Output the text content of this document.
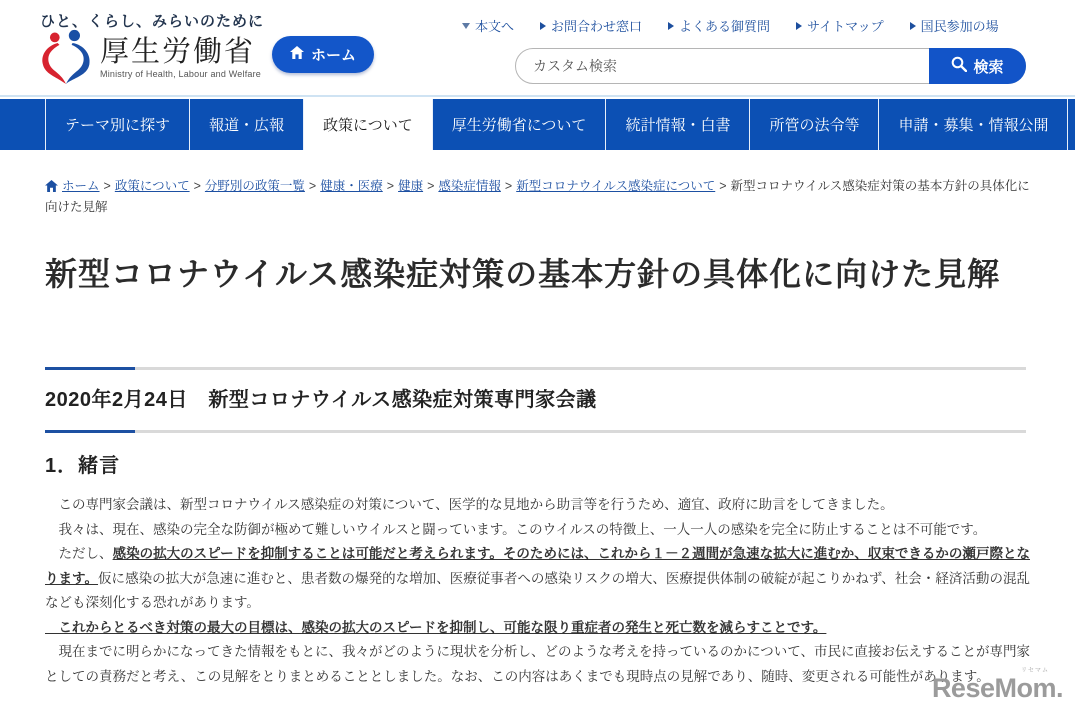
ひと、くらし、みらいのために
厚生労働省
Ministry of Health, Labour and Welfare
ホーム
本文へ	お問合わせ窓口	よくある御質問	サイトマップ	国民参加の場
カスタム検索
検索
テーマ別に探す	報道・広報	政策について	厚生労働省について	統計情報・白書	所管の法令等	申請・募集・情報公開
ホーム > 政策について > 分野別の政策一覧 > 健康・医療 > 健康 > 感染症情報 > 新型コロナウイルス感染症について > 新型コロナウイルス感染症対策の基本方針の具体化に向けた見解
新型コロナウイルス感染症対策の基本方針の具体化に向けた見解
2020年2月24日　新型コロナウイルス感染症対策専門家会議
1．緒言

　この専門家会議は、新型コロナウイルス感染症の対策について、医学的な見地から助言等を行うため、適宜、政府に助言をしてきました。

　我々は、現在、感染の完全な防御が極めて難しいウイルスと闘っています。このウイルスの特徴上、一人一人の感染を完全に防止することは不可能です。

　ただし、感染の拡大のスピードを抑制することは可能だと考えられます。そのためには、これから１－２週間が急速な拡大に進むか、収束できるかの瀬戸際となります。仮に感染の拡大が急速に進むと、患者数の爆発的な増加、医療従事者への感染リスクの増大、医療提供体制の破綻が起こりかねず、社会・経済活動の混乱なども深刻化する恐れがあります。

　これからとるべき対策の最大の目標は、感染の拡大のスピードを抑制し、可能な限り重症者の発生と死亡数を減らすことです。

　現在までに明らかになってきた情報をもとに、我々がどのように現状を分析し、どのような考えを持っているのかについて、市民に直接お伝えすることが専門家としての責務だと考え、この見解をとりまとめることとしました。なお、この内容はあくまでも現時点の見解であり、随時、変更される可能性があります。	リセマム
ReseMom.
